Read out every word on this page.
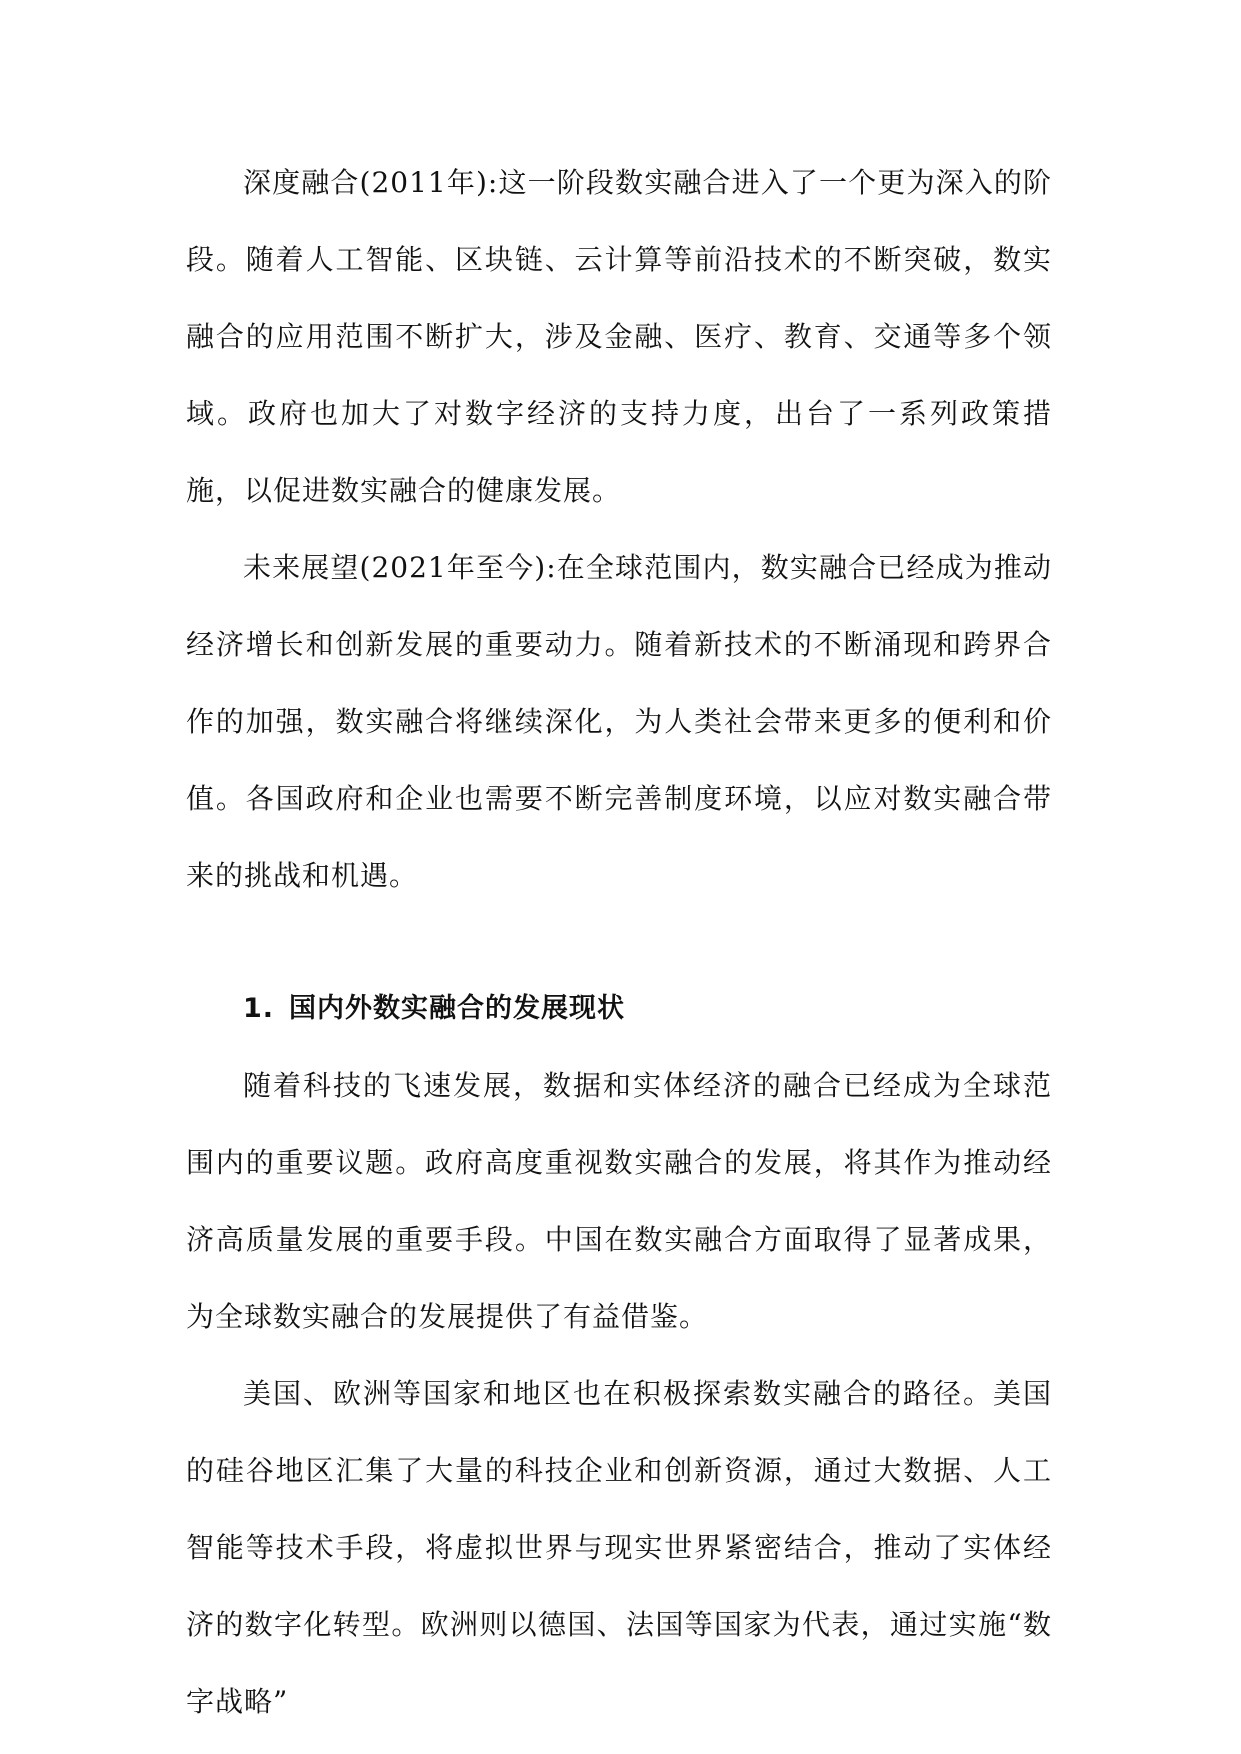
深度融合(2011年):这一阶段数实融合进入了一个更为深入的阶段。随着人工智能、区块链、云计算等前沿技术的不断突破，数实融合的应用范围不断扩大，涉及金融、医疗、教育、交通等多个领域。政府也加大了对数字经济的支持力度，出台了一系列政策措施，以促进数实融合的健康发展。

未来展望(2021年至今):在全球范围内，数实融合已经成为推动经济增长和创新发展的重要动力。随着新技术的不断涌现和跨界合作的加强，数实融合将继续深化，为人类社会带来更多的便利和价值。各国政府和企业也需要不断完善制度环境，以应对数实融合带来的挑战和机遇。

1. 国内外数实融合的发展现状

随着科技的飞速发展，数据和实体经济的融合已经成为全球范围内的重要议题。政府高度重视数实融合的发展，将其作为推动经济高质量发展的重要手段。中国在数实融合方面取得了显著成果，为全球数实融合的发展提供了有益借鉴。

美国、欧洲等国家和地区也在积极探索数实融合的路径。美国的硅谷地区汇集了大量的科技企业和创新资源，通过大数据、人工智能等技术手段，将虚拟世界与现实世界紧密结合，推动了实体经济的数字化转型。欧洲则以德国、法国等国家为代表，通过实施“数字战略”
